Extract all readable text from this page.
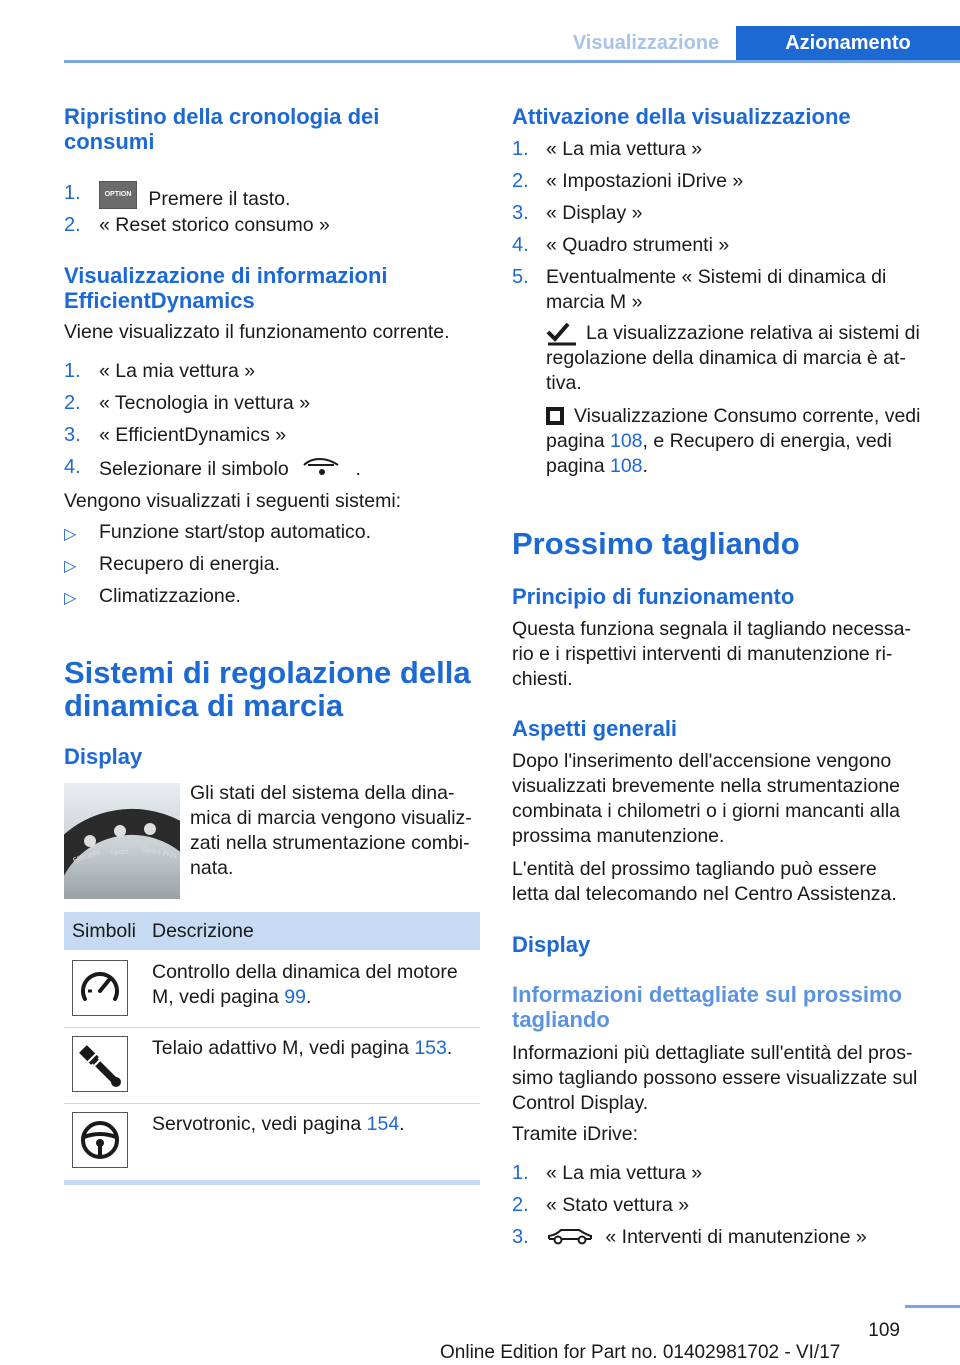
Visualizzazione	Azionamento
Ripristino della cronologia dei consumi
1.	OPTION Premere il tasto.
2. « Reset storico consumo »
Visualizzazione di informazioni EfficientDynamics
Viene visualizzato il funzionamento corrente.
1. « La mia vettura »
2. « Tecnologia in vettura »
3. « EfficientDynamics »
4. Selezionare il simbolo	.
Vengono visualizzati i seguenti sistemi:
▷ Funzione start/stop automatico.
▷ Recupero di energia.
▷ Climatizzazione.
Sistemi di regolazione della dinamica di marcia
Display
Efficient Sport Sport Plus
Gli stati del sistema della dina-mica di marcia vengono visualiz-zati nella strumentazione combi-nata.
Simboli Descrizione
Controllo della dinamica del motore M, vedi pagina 99.
Telaio adattivo M, vedi pagina 153.
Servotronic, vedi pagina 154.
Attivazione della visualizzazione
1. « La mia vettura »
2. « Impostazioni iDrive »
3. « Display »
4. « Quadro strumenti »
5. Eventualmente « Sistemi di dinamica di marcia M »
La visualizzazione relativa ai sistemi di regolazione della dinamica di marcia è at-tiva.
Visualizzazione Consumo corrente, vedi pagina 108, e Recupero di energia, vedi pagina 108.
Prossimo tagliando
Principio di funzionamento
Questa funziona segnala il tagliando necessa-rio e i rispettivi interventi di manutenzione ri-chiesti.
Aspetti generali
Dopo l'inserimento dell'accensione vengono visualizzati brevemente nella strumentazione combinata i chilometri o i giorni mancanti alla prossima manutenzione.
L'entità del prossimo tagliando può essere letta dal telecomando nel Centro Assistenza.
Display
Informazioni dettagliate sul prossimo tagliando
Informazioni più dettagliate sull'entità del pros-simo tagliando possono essere visualizzate sul Control Display.
Tramite iDrive:
1. « La mia vettura »
2. « Stato vettura »
3.	« Interventi di manutenzione »
109
Online Edition for Part no. 01402981702 - VI/17
